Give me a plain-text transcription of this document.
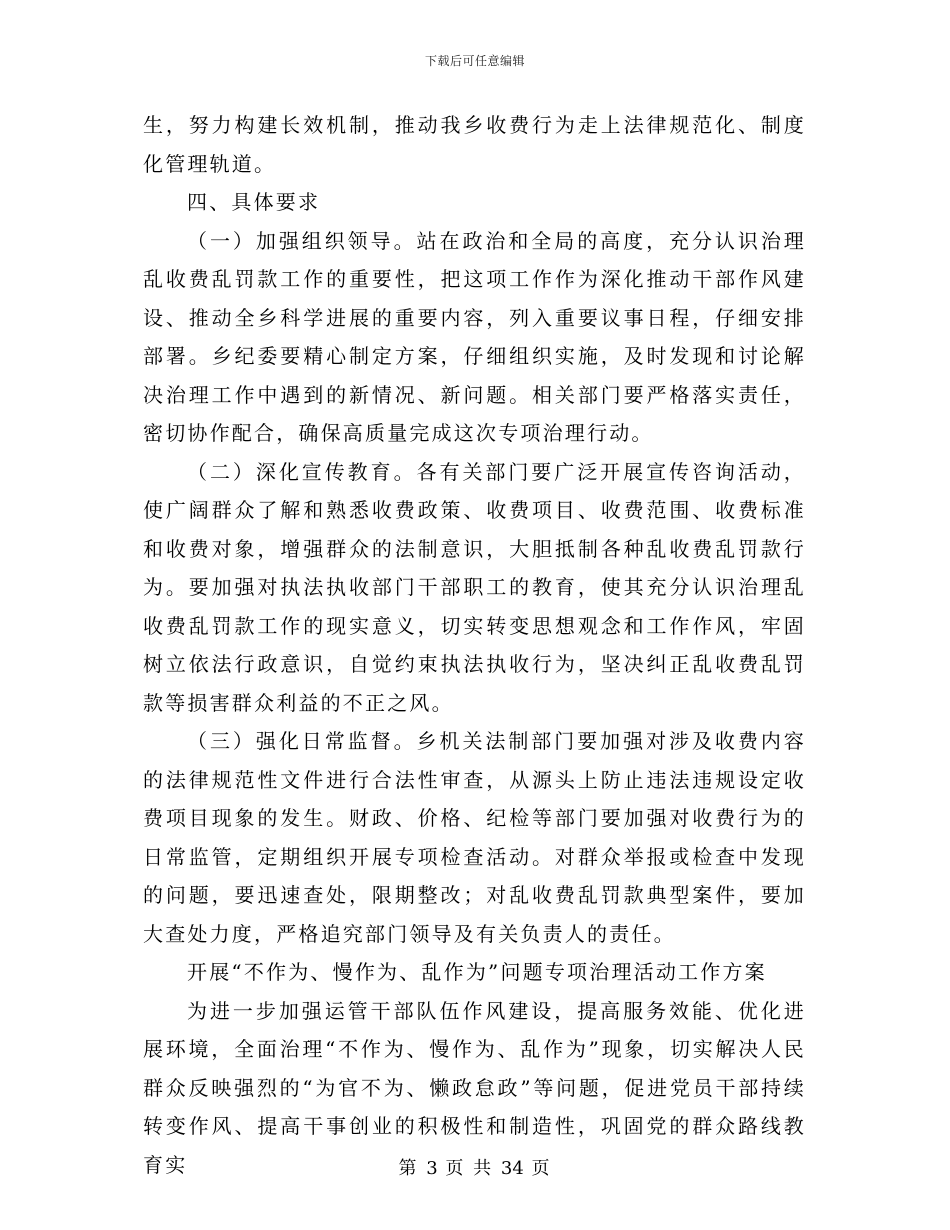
下载后可任意编辑

生，努力构建长效机制，推动我乡收费行为走上法律规范化、制度化管理轨道。

四、具体要求

（一）加强组织领导。站在政治和全局的高度，充分认识治理乱收费乱罚款工作的重要性，把这项工作作为深化推动干部作风建设、推动全乡科学进展的重要内容，列入重要议事日程，仔细安排部署。乡纪委要精心制定方案，仔细组织实施，及时发现和讨论解决治理工作中遇到的新情况、新问题。相关部门要严格落实责任，密切协作配合，确保高质量完成这次专项治理行动。

（二）深化宣传教育。各有关部门要广泛开展宣传咨询活动，使广阔群众了解和熟悉收费政策、收费项目、收费范围、收费标准和收费对象，增强群众的法制意识，大胆抵制各种乱收费乱罚款行为。要加强对执法执收部门干部职工的教育，使其充分认识治理乱收费乱罚款工作的现实意义，切实转变思想观念和工作作风，牢固树立依法行政意识，自觉约束执法执收行为，坚决纠正乱收费乱罚款等损害群众利益的不正之风。

（三）强化日常监督。乡机关法制部门要加强对涉及收费内容的法律规范性文件进行合法性审查，从源头上防止违法违规设定收费项目现象的发生。财政、价格、纪检等部门要加强对收费行为的日常监管，定期组织开展专项检查活动。对群众举报或检查中发现的问题，要迅速查处，限期整改；对乱收费乱罚款典型案件，要加大查处力度，严格追究部门领导及有关负责人的责任。

开展“不作为、慢作为、乱作为”问题专项治理活动工作方案

为进一步加强运管干部队伍作风建设，提高服务效能、优化进展环境，全面治理“不作为、慢作为、乱作为”现象，切实解决人民群众反映强烈的“为官不为、懒政怠政”等问题，促进党员干部持续转变作风、提高干事创业的积极性和制造性，巩固党的群众路线教育实	第 3 页 共 34 页
